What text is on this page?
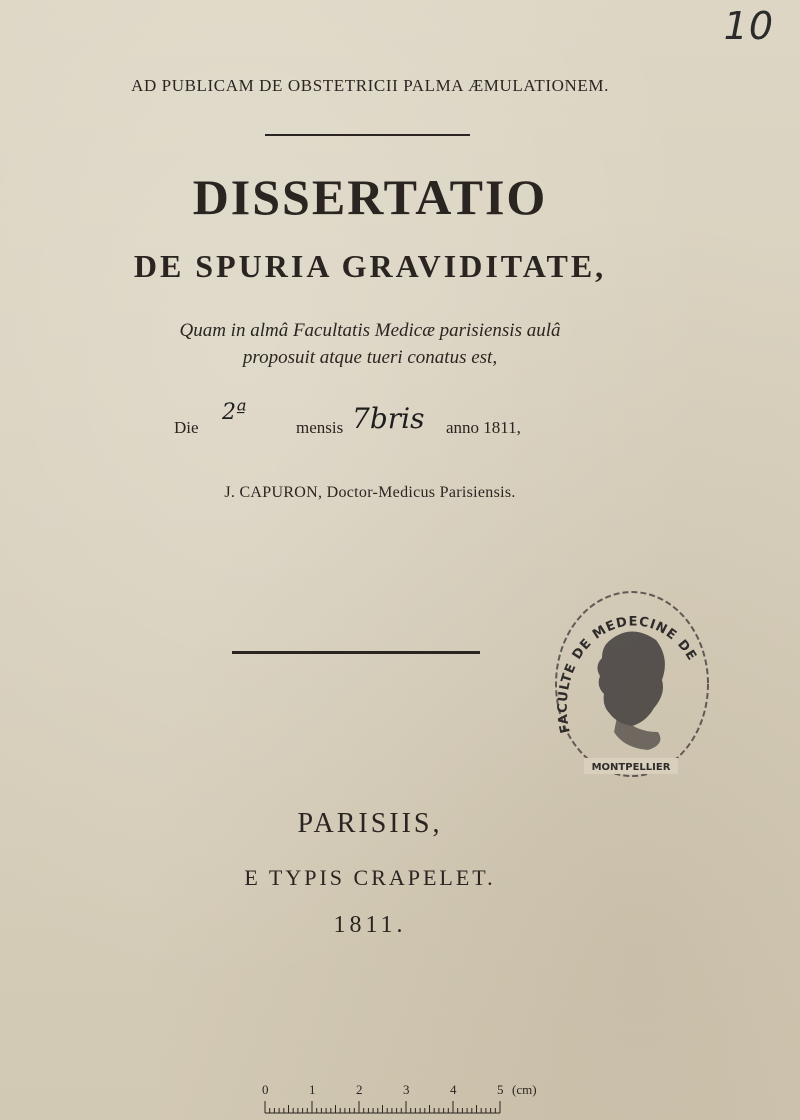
10
AD PUBLICAM DE OBSTETRICII PALMA ÆMULATIONEM.
DISSERTATIO
DE SPURIA GRAVIDITATE,
Quam in almâ Facultatis Medicæ parisiensis aulâ
proposuit atque tueri conatus est,
Die
2ª
mensis 7bris anno 1811,
J. CAPURON, Doctor-Medicus Parisiensis.
FACULTE DE MEDECINE DE
MONTPELLIER
PARISIIS,
E TYPIS CRAPELET.
1811.
0	1	2	3	4	5 (cm)
